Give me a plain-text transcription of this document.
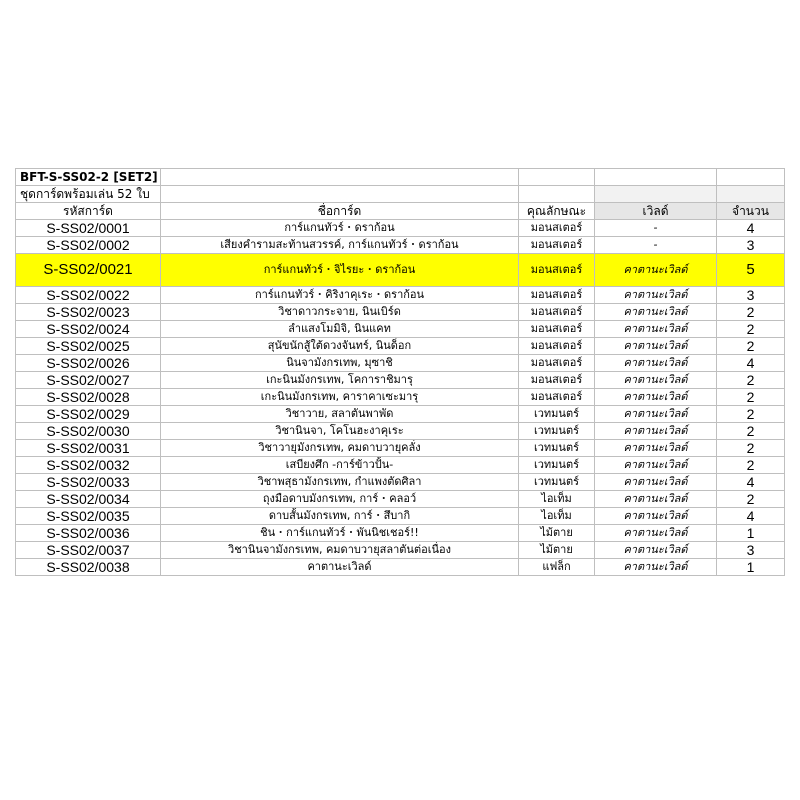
BFT-S-SS02-2 [SET2]				
ชุดการ์ดพร้อมเล่น 52 ใบ				
รหัสการ์ด	ชื่อการ์ด	คุณลักษณะ	เวิลด์	จำนวน
S-SS02/0001	การ์แกนทัวร์・ดราก้อน	มอนสเตอร์	-	4
S-SS02/0002	เสียงคำรามสะท้านสวรรค์, การ์แกนทัวร์・ดราก้อน	มอนสเตอร์	-	3
S-SS02/0021	การ์แกนทัวร์・จิไรยะ・ดราก้อน	มอนสเตอร์	คาตานะเวิลด์	5
S-SS02/0022	การ์แกนทัวร์・คิริงาคุเระ・ดราก้อน	มอนสเตอร์	คาตานะเวิลด์	3
S-SS02/0023	วิชาดาวกระจาย, นินเบิร์ด	มอนสเตอร์	คาตานะเวิลด์	2
S-SS02/0024	ลำแสงโมมิจิ, นินแคท	มอนสเตอร์	คาตานะเวิลด์	2
S-SS02/0025	สุนัขนักสู้ใต้ดวงจันทร์, นินด็อก	มอนสเตอร์	คาตานะเวิลด์	2
S-SS02/0026	นินจามังกรเทพ, มุซาชิ	มอนสเตอร์	คาตานะเวิลด์	4
S-SS02/0027	เกะนินมังกรเทพ, โคการาชิมารุ	มอนสเตอร์	คาตานะเวิลด์	2
S-SS02/0028	เกะนินมังกรเทพ, คาราคาเซะมารุ	มอนสเตอร์	คาตานะเวิลด์	2
S-SS02/0029	วิชาวาย, สลาตันพาพัด	เวทมนตร์	คาตานะเวิลด์	2
S-SS02/0030	วิชานินจา, โคโนฮะงาคุเระ	เวทมนตร์	คาตานะเวิลด์	2
S-SS02/0031	วิชาวายุมังกรเทพ, คมดาบวายุคลั่ง	เวทมนตร์	คาตานะเวิลด์	2
S-SS02/0032	เสบียงศึก -การ์ข้าวปั้น-	เวทมนตร์	คาตานะเวิลด์	2
S-SS02/0033	วิชาพสุธามังกรเทพ, กำแพงตัดศิลา	เวทมนตร์	คาตานะเวิลด์	4
S-SS02/0034	ถุงมือดาบมังกรเทพ, การ์・คลอว์	ไอเท็ม	คาตานะเวิลด์	2
S-SS02/0035	ดาบสั้นมังกรเทพ, การ์・สึบากิ	ไอเท็ม	คาตานะเวิลด์	4
S-SS02/0036	ชิน・การ์แกนทัวร์・พันนิชเชอร์!!	ไม้ตาย	คาตานะเวิลด์	1
S-SS02/0037	วิชานินจามังกรเทพ, คมดาบวายุสลาตันต่อเนื่อง	ไม้ตาย	คาตานะเวิลด์	3
S-SS02/0038	คาตานะเวิลด์	แฟล็ก	คาตานะเวิลด์	1
